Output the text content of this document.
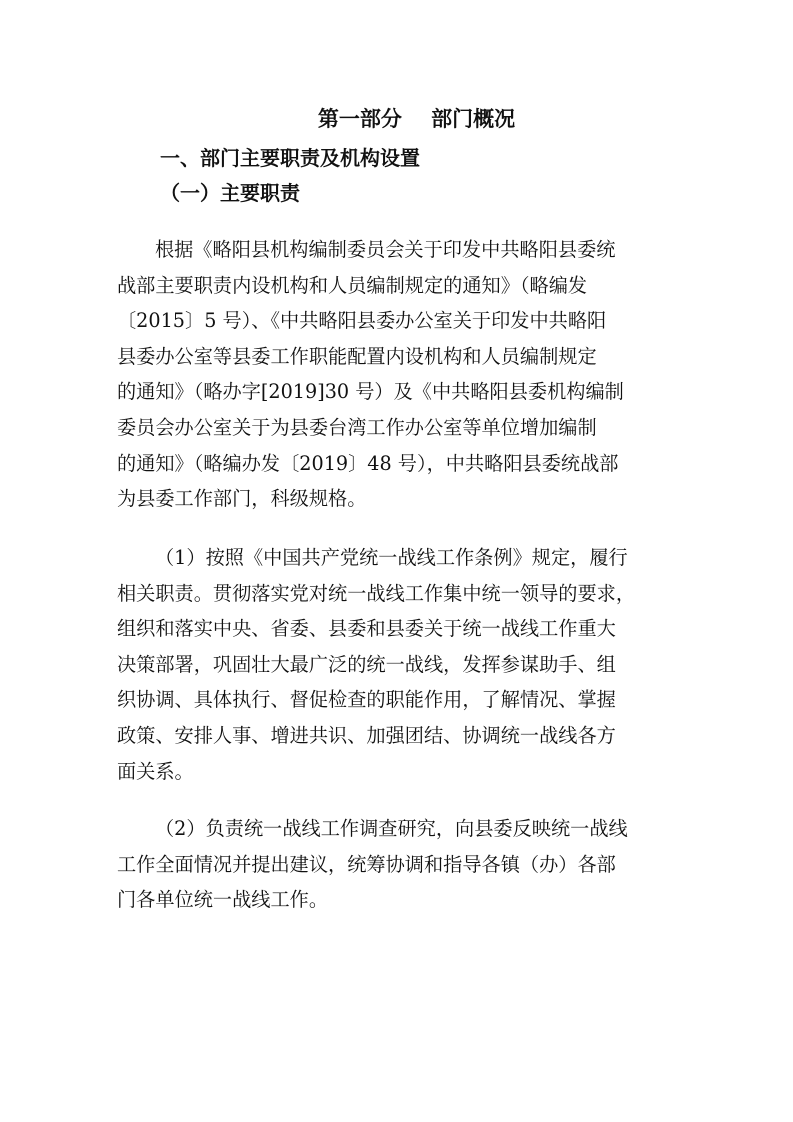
第一部分    部门概况
一、部门主要职责及机构设置
（一）主要职责
根据《略阳县机构编制委员会关于印发中共略阳县委统
战部主要职责内设机构和人员编制规定的通知》（略编发
〔2015〕5 号）、《中共略阳县委办公室关于印发中共略阳
县委办公室等县委工作职能配置内设机构和人员编制规定
的通知》（略办字[2019]30 号）及《中共略阳县委机构编制
委员会办公室关于为县委台湾工作办公室等单位增加编制
的通知》（略编办发〔2019〕48 号），中共略阳县委统战部
为县委工作部门，科级规格。
（1）按照《中国共产党统一战线工作条例》规定，履行
相关职责。贯彻落实党对统一战线工作集中统一领导的要求，
组织和落实中央、省委、县委和县委关于统一战线工作重大
决策部署，巩固壮大最广泛的统一战线，发挥参谋助手、组
织协调、具体执行、督促检查的职能作用，了解情况、掌握
政策、安排人事、增进共识、加强团结、协调统一战线各方
面关系。
（2）负责统一战线工作调查研究，向县委反映统一战线
工作全面情况并提出建议，统筹协调和指导各镇（办）各部
门各单位统一战线工作。
